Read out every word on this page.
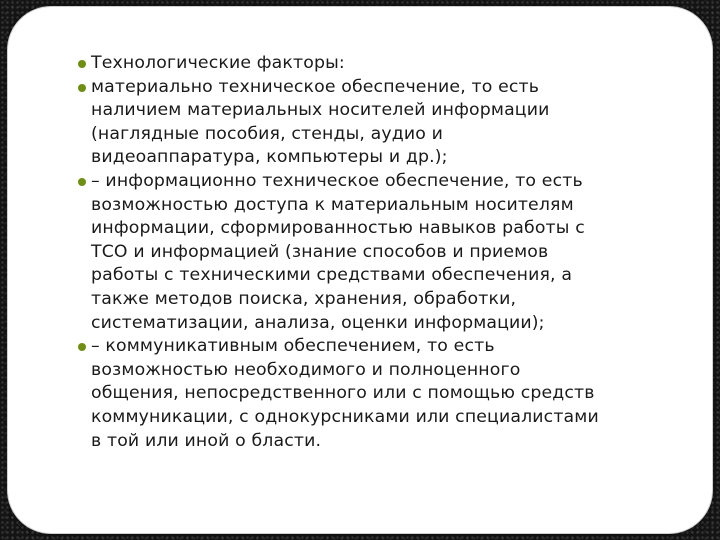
Технологические факторы:
материально техническое обеспечение, то есть
наличием материальных носителей информации
(наглядные пособия, стенды, аудио и
видеоаппаратура, компьютеры и др.);
– информационно техническое обеспечение, то есть
возможностью доступа к материальным носителям
информации, сформированностью навыков работы с
ТСО и информацией (знание способов и приемов
работы с техническими средствами обеспечения, а
также методов поиска, хранения, обработки,
систематизации, анализа, оценки информации);
– коммуникативным обеспечением, то есть
возможностью необходимого и полноценного
общения, непосредственного или с помощью средств
коммуникации, с однокурсниками или специалистами
в той или иной о бласти.
